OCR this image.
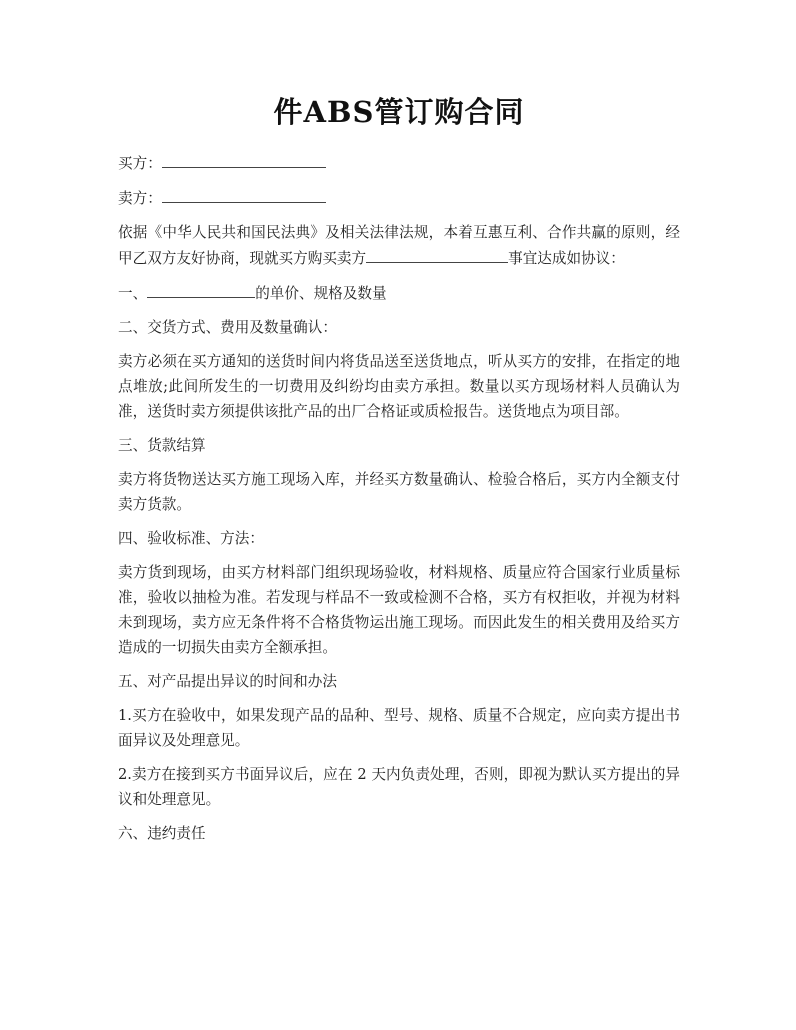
件ABS管订购合同

买方：

卖方：

依据《中华人民共和国民法典》及相关法律法规，本着互惠互利、合作共赢的原则，经甲乙双方友好协商，现就买方购买卖方	事宜达成如协议：

一、	的单价、规格及数量

二、交货方式、费用及数量确认：

卖方必须在买方通知的送货时间内将货品送至送货地点，听从买方的安排，在指定的地点堆放;此间所发生的一切费用及纠纷均由卖方承担。数量以买方现场材料人员确认为准，送货时卖方须提供该批产品的出厂合格证或质检报告。送货地点为项目部。

三、货款结算

卖方将货物送达买方施工现场入库，并经买方数量确认、检验合格后，买方内全额支付卖方货款。

四、验收标准、方法：

卖方货到现场，由买方材料部门组织现场验收，材料规格、质量应符合国家行业质量标准，验收以抽检为准。若发现与样品不一致或检测不合格，买方有权拒收，并视为材料未到现场，卖方应无条件将不合格货物运出施工现场。而因此发生的相关费用及给买方造成的一切损失由卖方全额承担。

五、对产品提出异议的时间和办法

1.买方在验收中，如果发现产品的品种、型号、规格、质量不合规定，应向卖方提出书面异议及处理意见。

2.卖方在接到买方书面异议后，应在 2 天内负责处理，否则，即视为默认买方提出的异议和处理意见。

六、违约责任
